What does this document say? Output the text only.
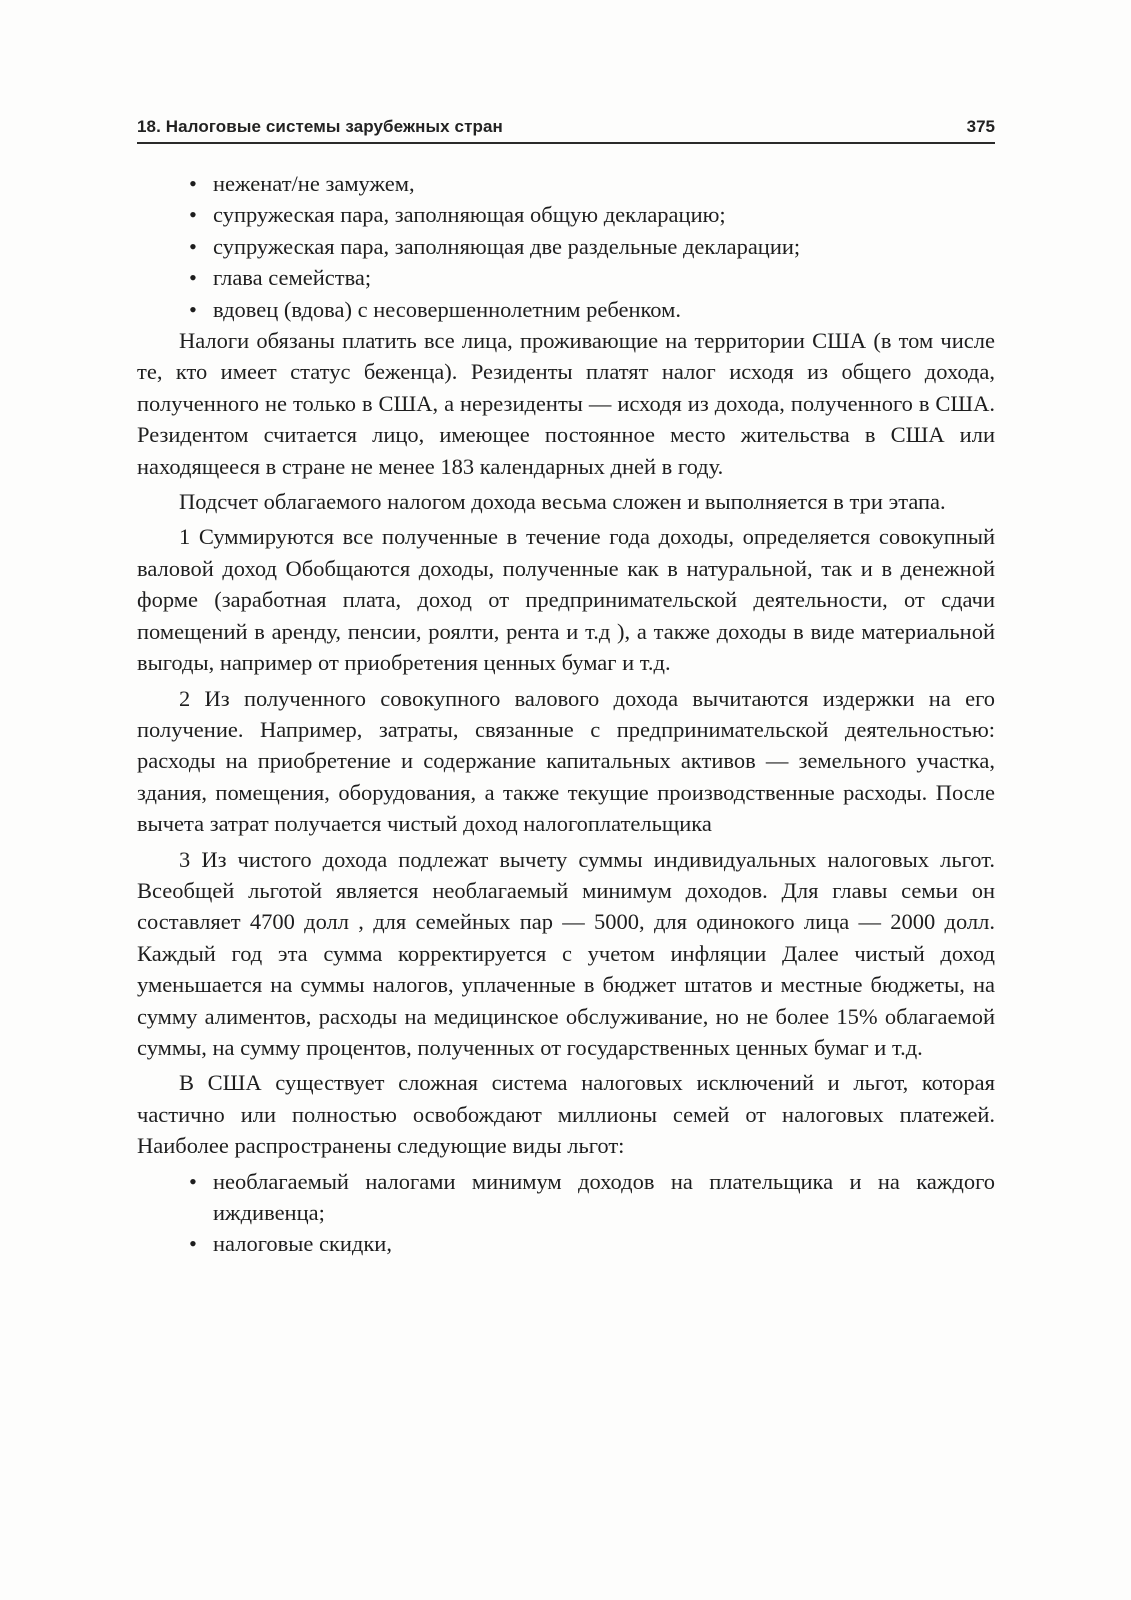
18. Налоговые системы зарубежных стран	375
• неженат/не замужем,
• супружеская пара, заполняющая общую декларацию;
• супружеская пара, заполняющая две раздельные декларации;
• глава семейства;
• вдовец (вдова) с несовершеннолетним ребенком.

Налоги обязаны платить все лица, проживающие на территории США (в том числе те, кто имеет статус беженца). Резиденты платят налог исходя из общего дохода, полученного не только в США, а нерезиденты — исходя из дохода, полученного в США. Резидентом считается лицо, имеющее постоянное место жительства в США или находящееся в стране не менее 183 календарных дней в году.

Подсчет облагаемого налогом дохода весьма сложен и выполняется в три этапа.

1 Суммируются все полученные в течение года доходы, определяется совокупный валовой доход Обобщаются доходы, полученные как в натуральной, так и в денежной форме (заработная плата, доход от предпринимательской деятельности, от сдачи помещений в аренду, пенсии, роялти, рента и т.д ), а также доходы в виде материальной выгоды, например от приобретения ценных бумаг и т.д.

2 Из полученного совокупного валового дохода вычитаются издержки на его получение. Например, затраты, связанные с предпринимательской деятельностью: расходы на приобретение и содержание капитальных активов — земельного участка, здания, помещения, оборудования, а также текущие производственные расходы. После вычета затрат получается чистый доход налогоплательщика

3 Из чистого дохода подлежат вычету суммы индивидуальных налоговых льгот. Всеобщей льготой является необлагаемый минимум доходов. Для главы семьи он составляет 4700 долл , для семейных пар — 5000, для одинокого лица — 2000 долл. Каждый год эта сумма корректируется с учетом инфляции Далее чистый доход уменьшается на суммы налогов, уплаченные в бюджет штатов и местные бюджеты, на сумму алиментов, расходы на медицинское обслуживание, но не более 15% облагаемой суммы, на сумму процентов, полученных от государственных ценных бумаг и т.д.

В США существует сложная система налоговых исключений и льгот, которая частично или полностью освобождают миллионы семей от налоговых платежей. Наиболее распространены следующие виды льгот:

• необлагаемый налогами минимум доходов на плательщика и на каждого иждивенца;
• налоговые скидки,
